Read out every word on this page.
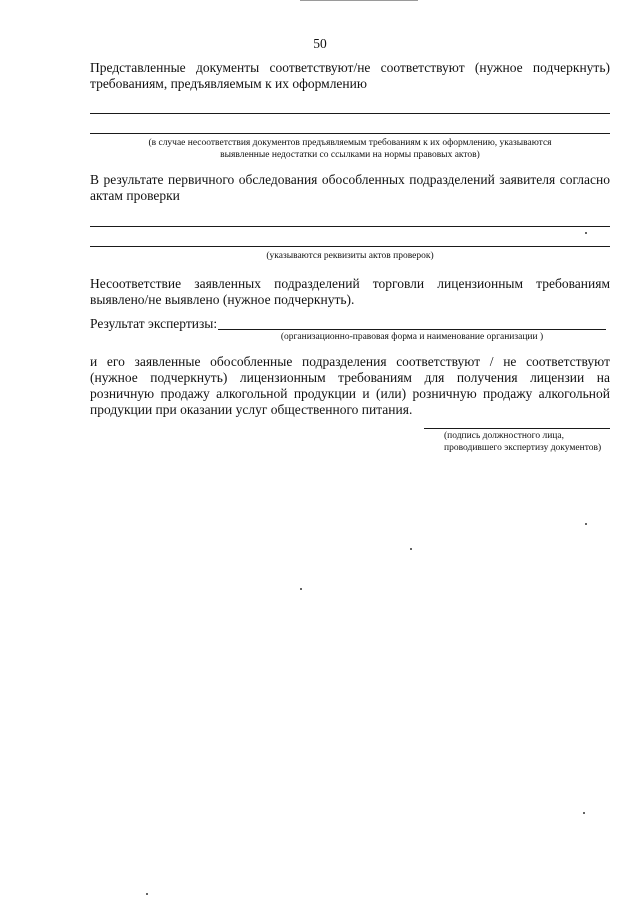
50
Представленные документы соответствуют/не соответствуют (нужное подчеркнуть) требованиям, предъявляемым к их оформлению
(в случае несоответствия документов предъявляемым требованиям к их оформлению, указываются
выявленные недостатки со ссылками на нормы правовых актов)
В результате первичного обследования обособленных подразделений заявителя согласно актам проверки
(указываются реквизиты актов проверок)
Несоответствие заявленных подразделений торговли лицензионным требованиям выявлено/не выявлено (нужное подчеркнуть).
Результат экспертизы:
(организационно-правовая форма и наименование организации )
и его заявленные обособленные подразделения соответствуют / не соответствуют (нужное подчеркнуть) лицензионным требованиям для получения лицензии на розничную продажу алкогольной продукции и (или) розничную продажу алкогольной продукции при оказании услуг общественного питания.
(подпись должностного лица,
проводившего экспертизу документов)
